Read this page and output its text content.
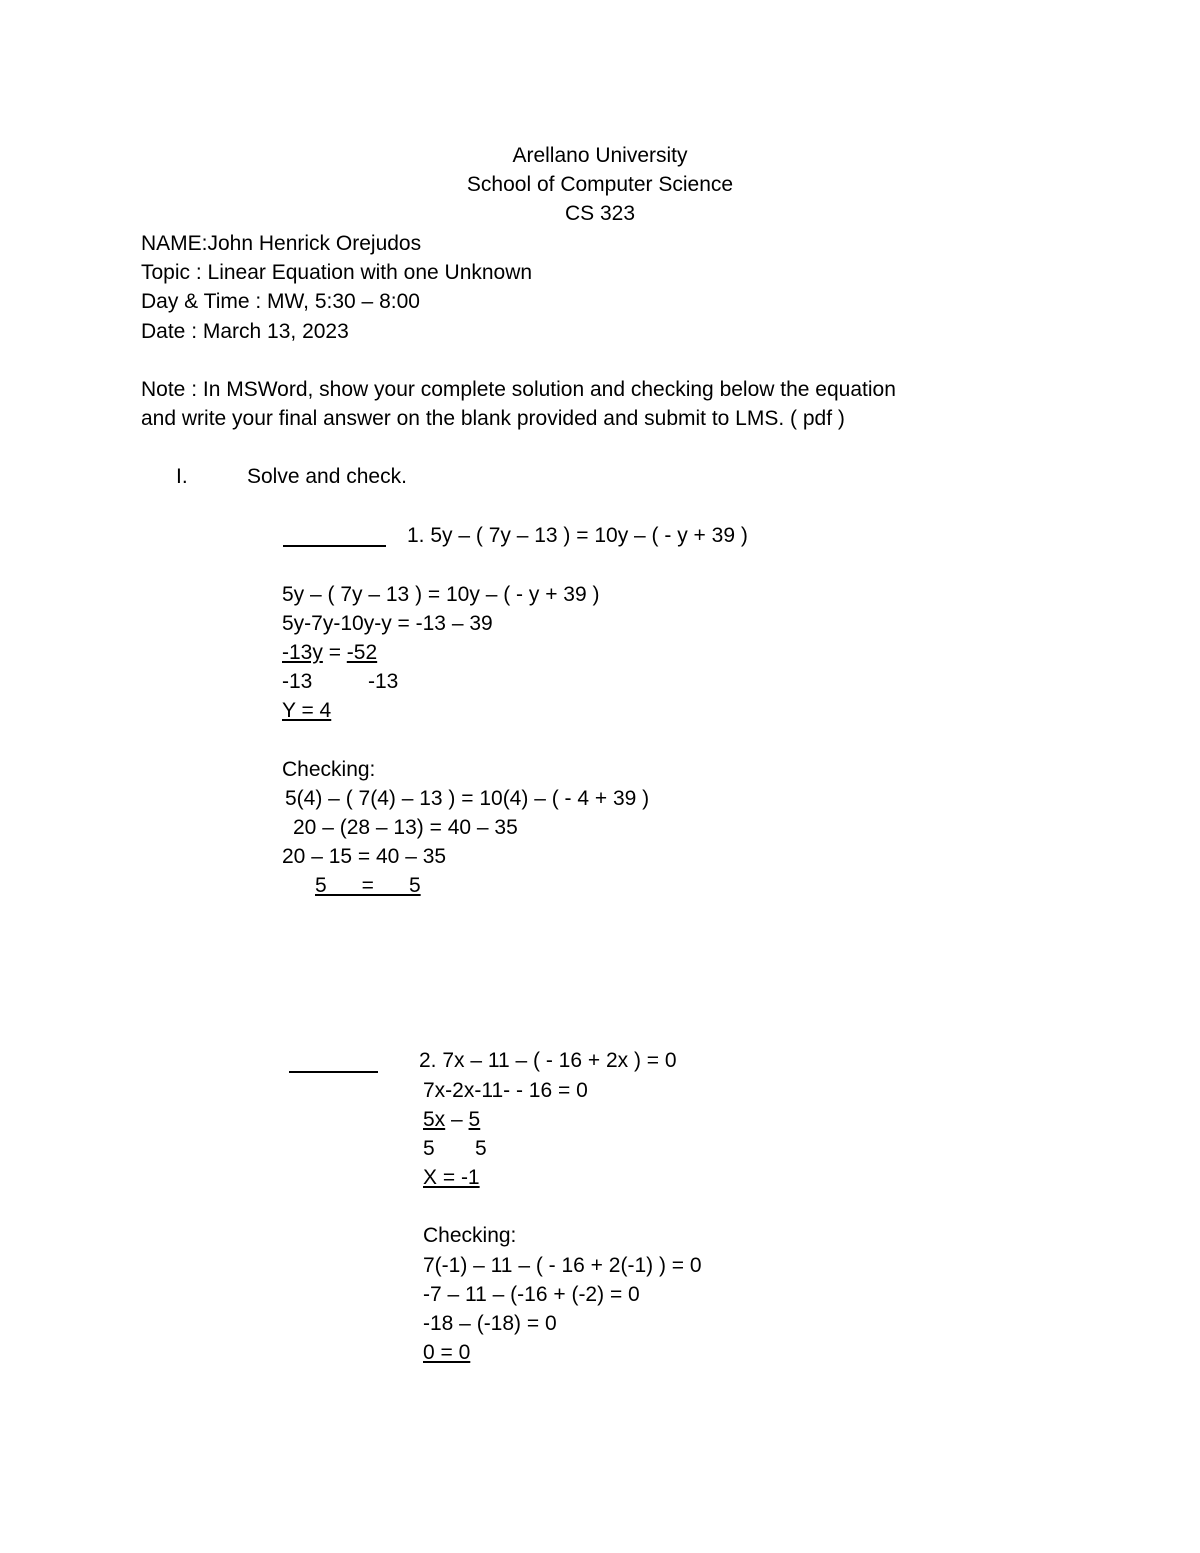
Arellano University
School of Computer Science
CS 323
NAME:John Henrick Orejudos
Topic : Linear Equation with one Unknown
Day & Time : MW, 5:30 – 8:00
Date : March 13, 2023
Note : In MSWord, show your complete solution and checking below the equation
and write your final answer on the blank provided and submit to LMS. ( pdf )
I.	Solve and check.
1. 5y – ( 7y – 13 ) = 10y – ( - y + 39 )
5y – ( 7y – 13 ) = 10y – ( - y + 39 )
5y-7y-10y-y = -13 – 39
-13y = -52
-13	-13
Y = 4
Checking:
5(4) – ( 7(4) – 13 ) = 10(4) – ( - 4 + 39 )
20 – (28 – 13) = 40 – 35
20 – 15 = 40 – 35
5      =      5
2. 7x – 11 – ( - 16 + 2x ) = 0
7x-2x-11- - 16 = 0
5x – 5
5 5
X = -1
Checking:
7(-1) – 11 – ( - 16 + 2(-1) ) = 0
-7 – 11 – (-16 + (-2) = 0
-18 – (-18) = 0
0 = 0
